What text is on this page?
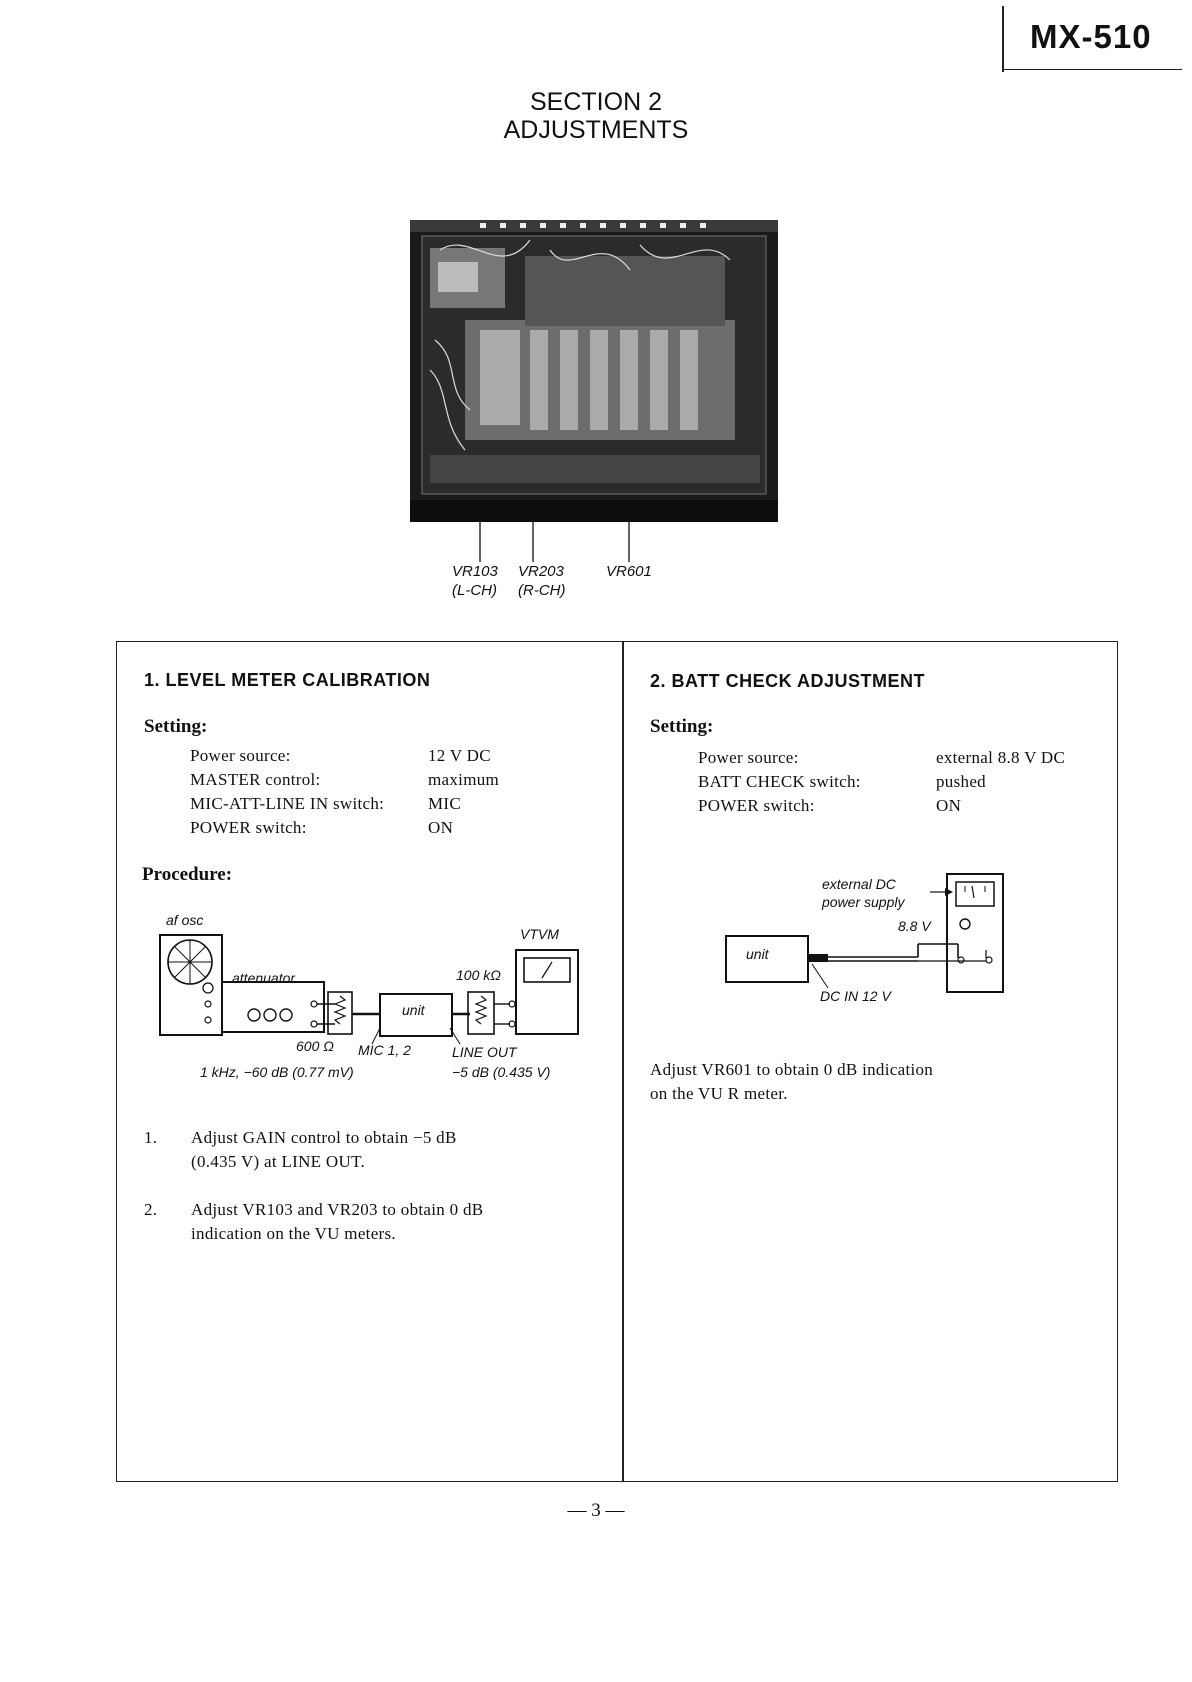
MX-510
SECTION 2
ADJUSTMENTS
VR103
(L-CH)
VR203
(R-CH)
VR601
1. LEVEL METER CALIBRATION
Setting:
Power source:	12 V DC
MASTER control:	maximum
MIC-ATT-LINE IN switch:	MIC
POWER switch:	ON
Procedure:
af osc
attenuator
VTVM
unit
100 kΩ
600 Ω MIC 1, 2	LINE OUT
1 kHz, −60 dB (0.77 mV)	−5 dB (0.435 V)
1. Adjust GAIN control to obtain −5 dB
(0.435 V) at LINE OUT.
2. Adjust VR103 and VR203 to obtain 0 dB
indication on the VU meters.
2. BATT CHECK ADJUSTMENT
Setting:
Power source:	external 8.8 V DC
BATT CHECK switch:	pushed
POWER switch:	ON
external DC
power supply
8.8 V
unit
DC IN 12 V
Adjust VR601 to obtain 0 dB indication
on the VU R meter.
— 3 —
